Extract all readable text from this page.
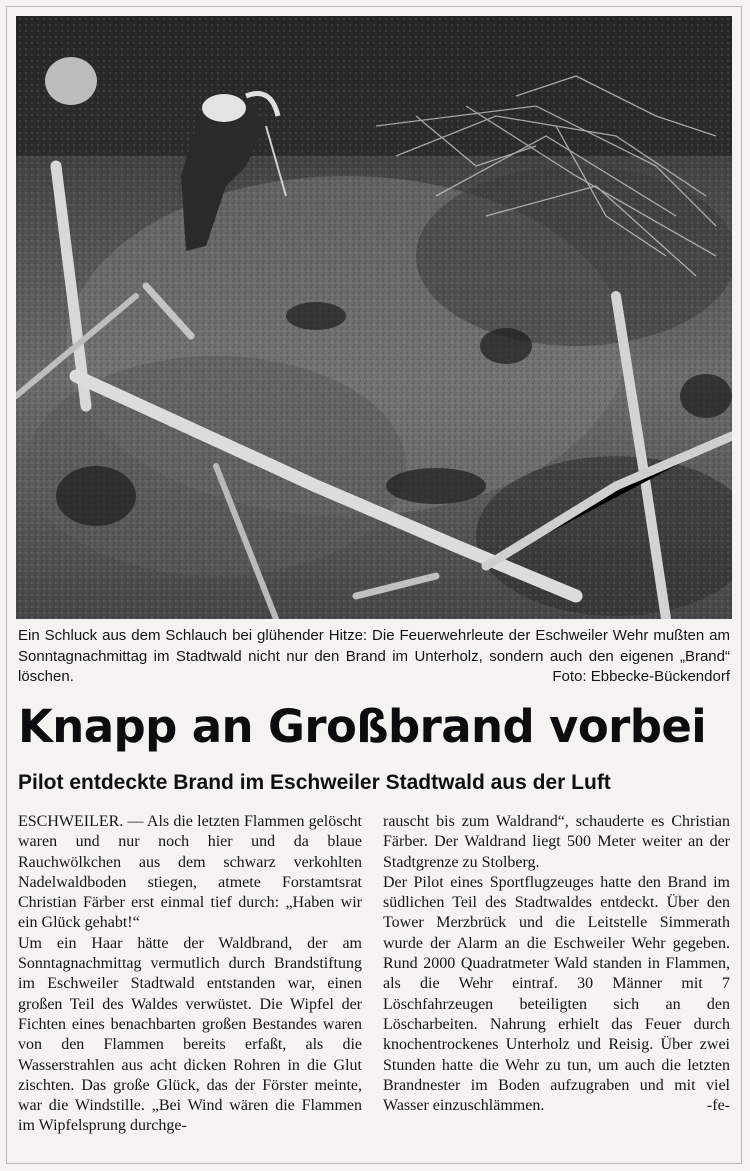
Ein Schluck aus dem Schlauch bei glühender Hitze: Die Feuerwehrleute der Eschweiler Wehr mußten am Sonntagnachmittag im Stadtwald nicht nur den Brand im Unterholz, sondern auch den eigenen „Brand“ löschen.	Foto: Ebbecke-Bückendorf
Knapp an Großbrand vorbei
Pilot entdeckte Brand im Eschweiler Stadtwald aus der Luft

ESCHWEILER. — Als die letzten Flammen gelöscht waren und nur noch hier und da blaue Rauchwölkchen aus dem schwarz verkohlten Nadelwaldboden stiegen, atmete Forstamtsrat Christian Färber erst einmal tief durch: „Haben wir ein Glück gehabt!“

Um ein Haar hätte der Waldbrand, der am Sonntagnachmittag vermutlich durch Brandstiftung im Eschweiler Stadtwald entstanden war, einen großen Teil des Waldes verwüstet. Die Wipfel der Fichten eines benachbarten großen Bestandes waren von den Flammen bereits erfaßt, als die Wasserstrahlen aus acht dicken Rohren in die Glut zischten. Das große Glück, das der Förster meinte, war die Windstille. „Bei Wind wären die Flammen im Wipfelsprung durchge-

rauscht bis zum Waldrand“, schauderte es Christian Färber. Der Waldrand liegt 500 Meter weiter an der Stadtgrenze zu Stolberg.

Der Pilot eines Sportflugzeuges hatte den Brand im südlichen Teil des Stadtwaldes entdeckt. Über den Tower Merzbrück und die Leitstelle Simmerath wurde der Alarm an die Eschweiler Wehr gegeben. Rund 2000 Quadratmeter Wald standen in Flammen, als die Wehr eintraf. 30 Männer mit 7 Löschfahrzeugen beteiligten sich an den Löscharbeiten. Nahrung erhielt das Feuer durch knochentrockenes Unterholz und Reisig. Über zwei Stunden hatte die Wehr zu tun, um auch die letzten Brandnester im Boden aufzugraben und mit viel Wasser einzuschlämmen.	-fe-
